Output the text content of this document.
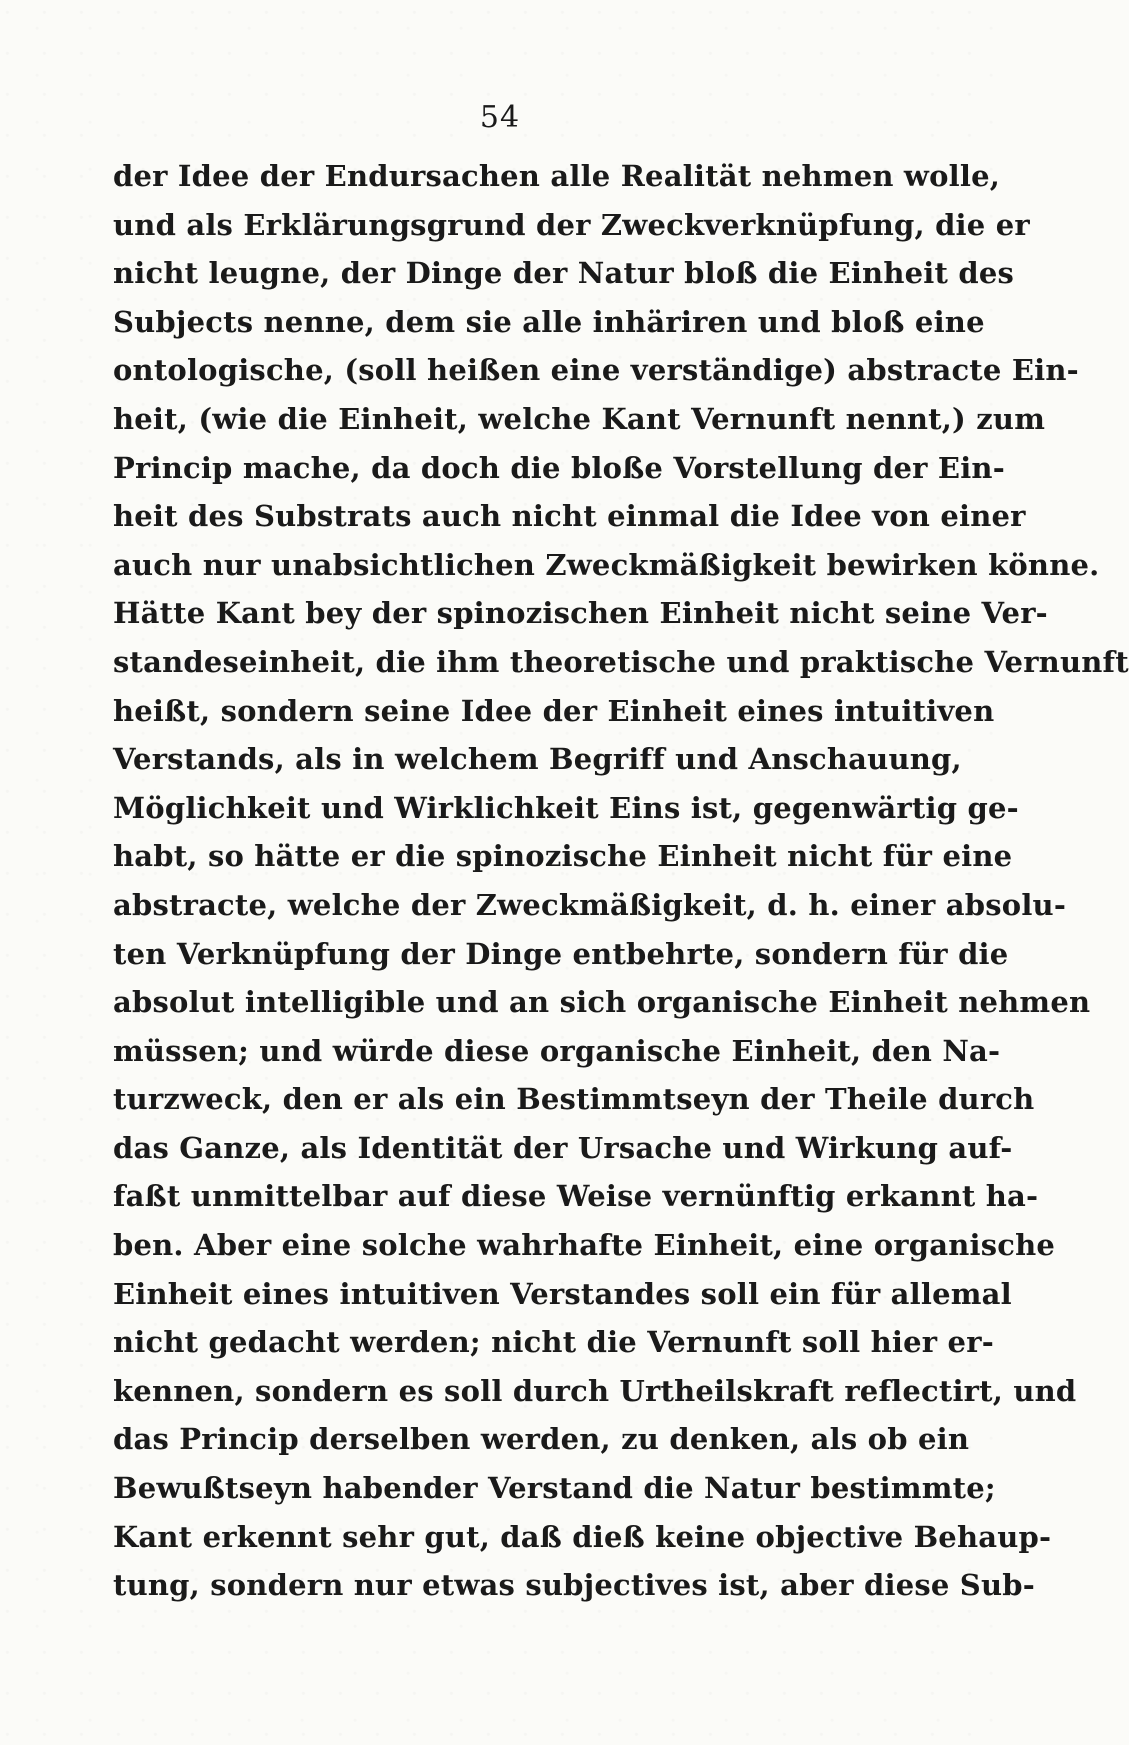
54
der Idee der Endursachen alle Realität nehmen wolle,
und als Erklärungsgrund der Zweckverknüpfung, die er
nicht leugne, der Dinge der Natur bloß die Einheit des
Subjects nenne, dem sie alle inhäriren und bloß eine
ontologische, (soll heißen eine verständige) abstracte Ein-
heit, (wie die Einheit, welche Kant Vernunft nennt,) zum
Princip mache, da doch die bloße Vorstellung der Ein-
heit des Substrats auch nicht einmal die Idee von einer
auch nur unabsichtlichen Zweckmäßigkeit bewirken könne.
Hätte Kant bey der spinozischen Einheit nicht seine Ver-
standeseinheit, die ihm theoretische und praktische Vernunft
heißt, sondern seine Idee der Einheit eines intuitiven
Verstands, als in welchem Begriff und Anschauung,
Möglichkeit und Wirklichkeit Eins ist, gegenwärtig ge-
habt, so hätte er die spinozische Einheit nicht für eine
abstracte, welche der Zweckmäßigkeit, d. h. einer absolu-
ten Verknüpfung der Dinge entbehrte, sondern für die
absolut intelligible und an sich organische Einheit nehmen
müssen; und würde diese organische Einheit, den Na-
turzweck, den er als ein Bestimmtseyn der Theile durch
das Ganze, als Identität der Ursache und Wirkung auf-
faßt unmittelbar auf diese Weise vernünftig erkannt ha-
ben. Aber eine solche wahrhafte Einheit, eine organische
Einheit eines intuitiven Verstandes soll ein für allemal
nicht gedacht werden; nicht die Vernunft soll hier er-
kennen, sondern es soll durch Urtheilskraft reflectirt, und
das Princip derselben werden, zu denken, als ob ein
Bewußtseyn habender Verstand die Natur bestimmte;
Kant erkennt sehr gut, daß dieß keine objective Behaup-
tung, sondern nur etwas subjectives ist, aber diese Sub-
